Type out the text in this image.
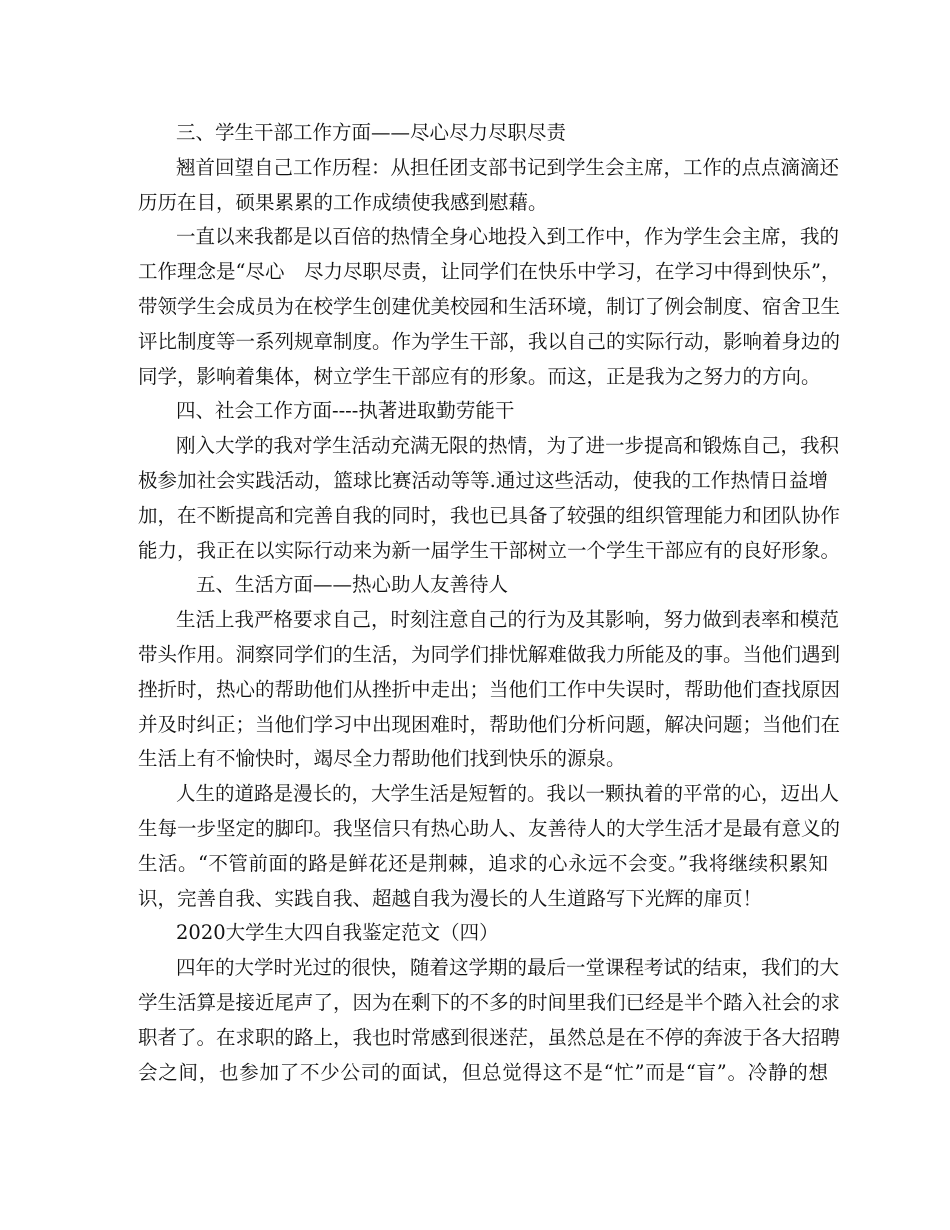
三、学生干部工作方面——尽心尽力尽职尽责
翘首回望自己工作历程：从担任团支部书记到学生会主席，工作的点点滴滴还
历历在目，硕果累累的工作成绩使我感到慰藉。
一直以来我都是以百倍的热情全身心地投入到工作中，作为学生会主席，我的
工作理念是“尽心　尽力尽职尽责，让同学们在快乐中学习，在学习中得到快乐”，
带领学生会成员为在校学生创建优美校园和生活环境，制订了例会制度、宿舍卫生
评比制度等一系列规章制度。作为学生干部，我以自己的实际行动，影响着身边的
同学，影响着集体，树立学生干部应有的形象。而这，正是我为之努力的方向。
四、社会工作方面----执著进取勤劳能干
刚入大学的我对学生活动充满无限的热情，为了进一步提高和锻炼自己，我积
极参加社会实践活动，篮球比赛活动等等.通过这些活动，使我的工作热情日益增
加，在不断提高和完善自我的同时，我也已具备了较强的组织管理能力和团队协作
能力，我正在以实际行动来为新一届学生干部树立一个学生干部应有的良好形象。
五、生活方面——热心助人友善待人
生活上我严格要求自己，时刻注意自己的行为及其影响，努力做到表率和模范
带头作用。洞察同学们的生活，为同学们排忧解难做我力所能及的事。当他们遇到
挫折时，热心的帮助他们从挫折中走出；当他们工作中失误时，帮助他们查找原因
并及时纠正；当他们学习中出现困难时，帮助他们分析问题，解决问题；当他们在
生活上有不愉快时，竭尽全力帮助他们找到快乐的源泉。
人生的道路是漫长的，大学生活是短暂的。我以一颗执着的平常的心，迈出人
生每一步坚定的脚印。我坚信只有热心助人、友善待人的大学生活才是最有意义的
生活。“不管前面的路是鲜花还是荆棘，追求的心永远不会变。”我将继续积累知
识，完善自我、实践自我、超越自我为漫长的人生道路写下光辉的扉页！
2020大学生大四自我鉴定范文（四）
四年的大学时光过的很快，随着这学期的最后一堂课程考试的结束，我们的大
学生活算是接近尾声了，因为在剩下的不多的时间里我们已经是半个踏入社会的求
职者了。在求职的路上，我也时常感到很迷茫，虽然总是在不停的奔波于各大招聘
会之间，也参加了不少公司的面试，但总觉得这不是“忙”而是“盲”。冷静的想
